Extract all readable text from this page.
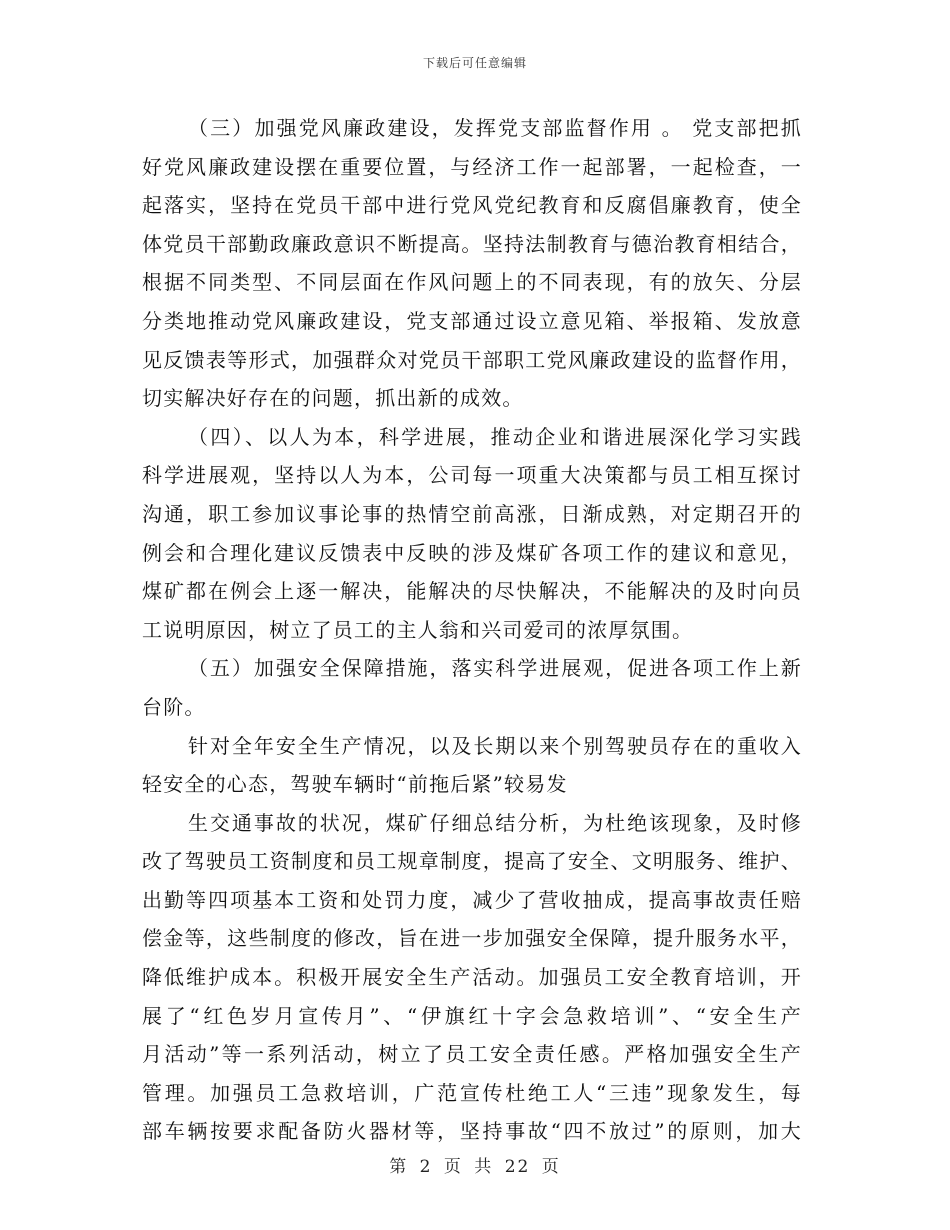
下载后可任意编辑
（三）加强党风廉政建设，发挥党支部监督作用 。 党支部把抓
好党风廉政建设摆在重要位置，与经济工作一起部署，一起检查，一
起落实，坚持在党员干部中进行党风党纪教育和反腐倡廉教育，使全
体党员干部勤政廉政意识不断提高。坚持法制教育与德治教育相结合，
根据不同类型、不同层面在作风问题上的不同表现，有的放矢、分层
分类地推动党风廉政建设，党支部通过设立意见箱、举报箱、发放意
见反馈表等形式，加强群众对党员干部职工党风廉政建设的监督作用，
切实解决好存在的问题，抓出新的成效。
（四）、以人为本，科学进展，推动企业和谐进展深化学习实践
科学进展观，坚持以人为本，公司每一项重大决策都与员工相互探讨
沟通，职工参加议事论事的热情空前高涨，日渐成熟，对定期召开的
例会和合理化建议反馈表中反映的涉及煤矿各项工作的建议和意见，
煤矿都在例会上逐一解决，能解决的尽快解决，不能解决的及时向员
工说明原因，树立了员工的主人翁和兴司爱司的浓厚氛围。
（五）加强安全保障措施，落实科学进展观，促进各项工作上新
台阶。
针对全年安全生产情况，以及长期以来个别驾驶员存在的重收入
轻安全的心态，驾驶车辆时“前拖后紧”较易发
生交通事故的状况，煤矿仔细总结分析，为杜绝该现象，及时修
改了驾驶员工资制度和员工规章制度，提高了安全、文明服务、维护、
出勤等四项基本工资和处罚力度，减少了营收抽成，提高事故责任赔
偿金等，这些制度的修改，旨在进一步加强安全保障，提升服务水平，
降低维护成本。积极开展安全生产活动。加强员工安全教育培训，开
展了“红色岁月宣传月”、“伊旗红十字会急救培训”、“安全生产
月活动”等一系列活动，树立了员工安全责任感。严格加强安全生产
管理。加强员工急救培训，广范宣传杜绝工人“三违”现象发生，每
部车辆按要求配备防火器材等，坚持事故“四不放过”的原则，加大
第 2 页 共 22 页
